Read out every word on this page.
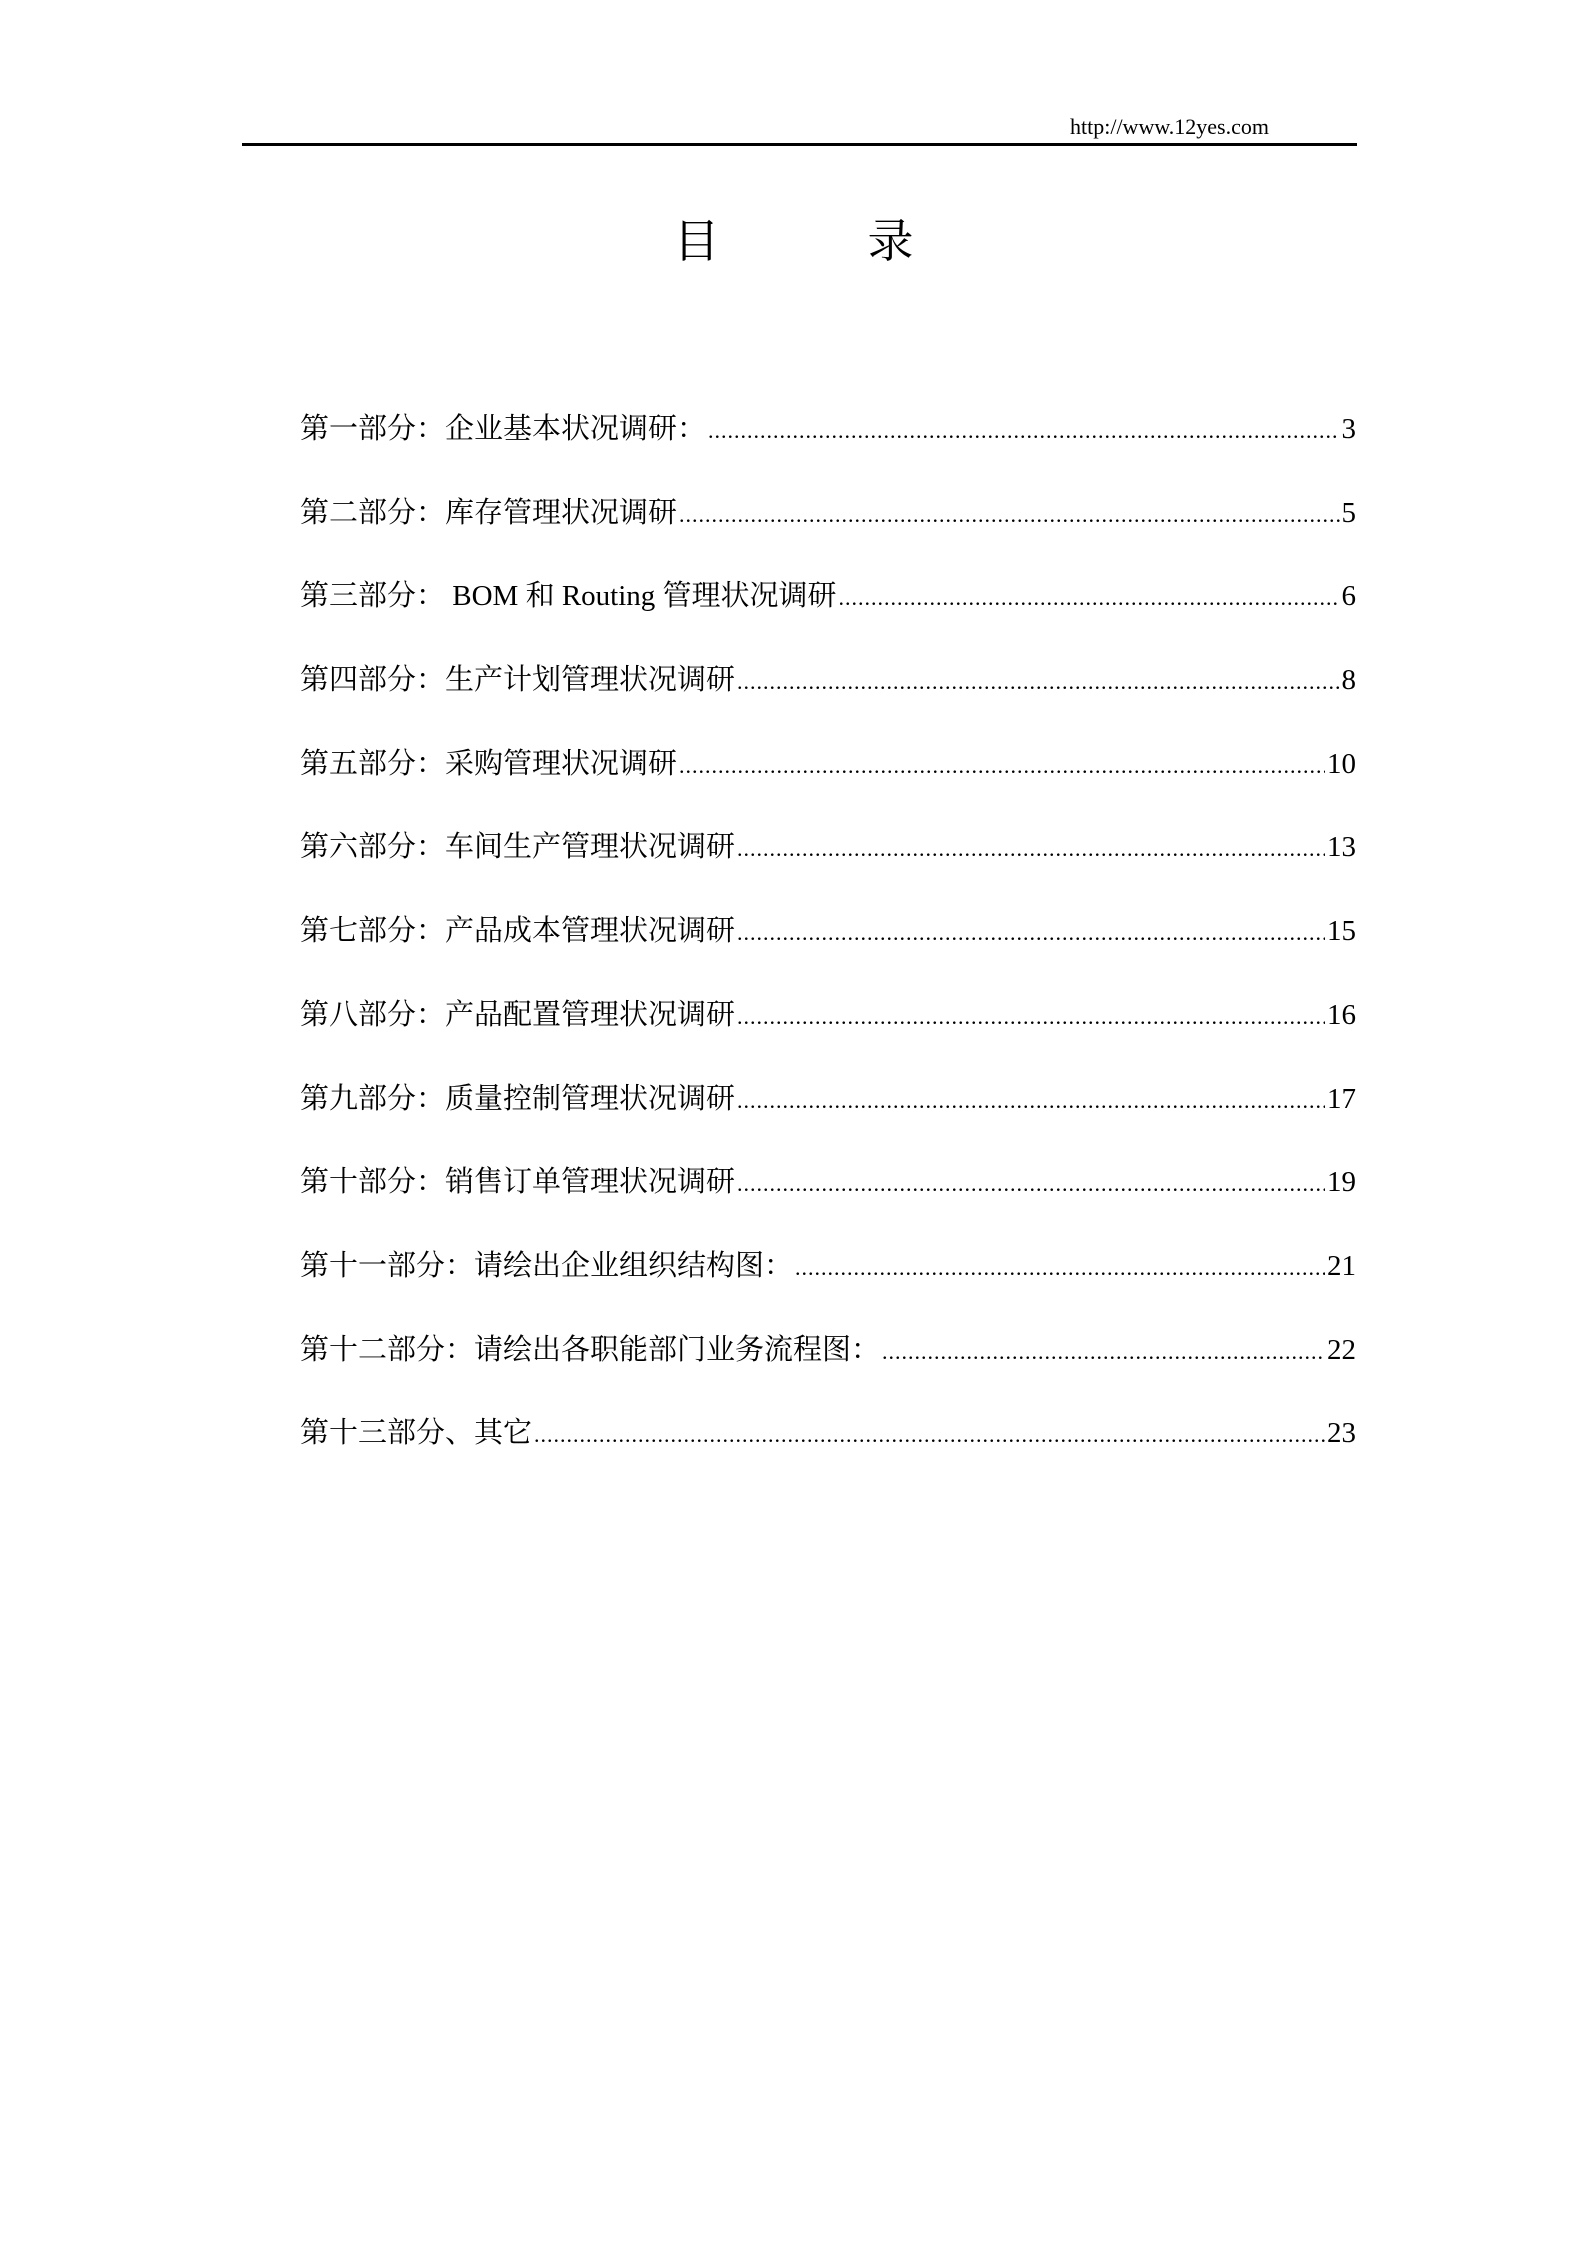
http://www.12yes.com
目	录
第一部分：企业基本状况调研： .....	3
第二部分：库存管理状况调研 .....	5
第三部分： BOM 和 Routing 管理状况调研 .....	6
第四部分：生产计划管理状况调研 .....	8
第五部分：采购管理状况调研 .....	10
第六部分：车间生产管理状况调研 .....	13
第七部分：产品成本管理状况调研 .....	15
第八部分：产品配置管理状况调研 .....	16
第九部分：质量控制管理状况调研 .....	17
第十部分：销售订单管理状况调研 .....	19
第十一部分：请绘出企业组织结构图： .....	21
第十二部分：请绘出各职能部门业务流程图： .....	22
第十三部分、其它 .....	23
